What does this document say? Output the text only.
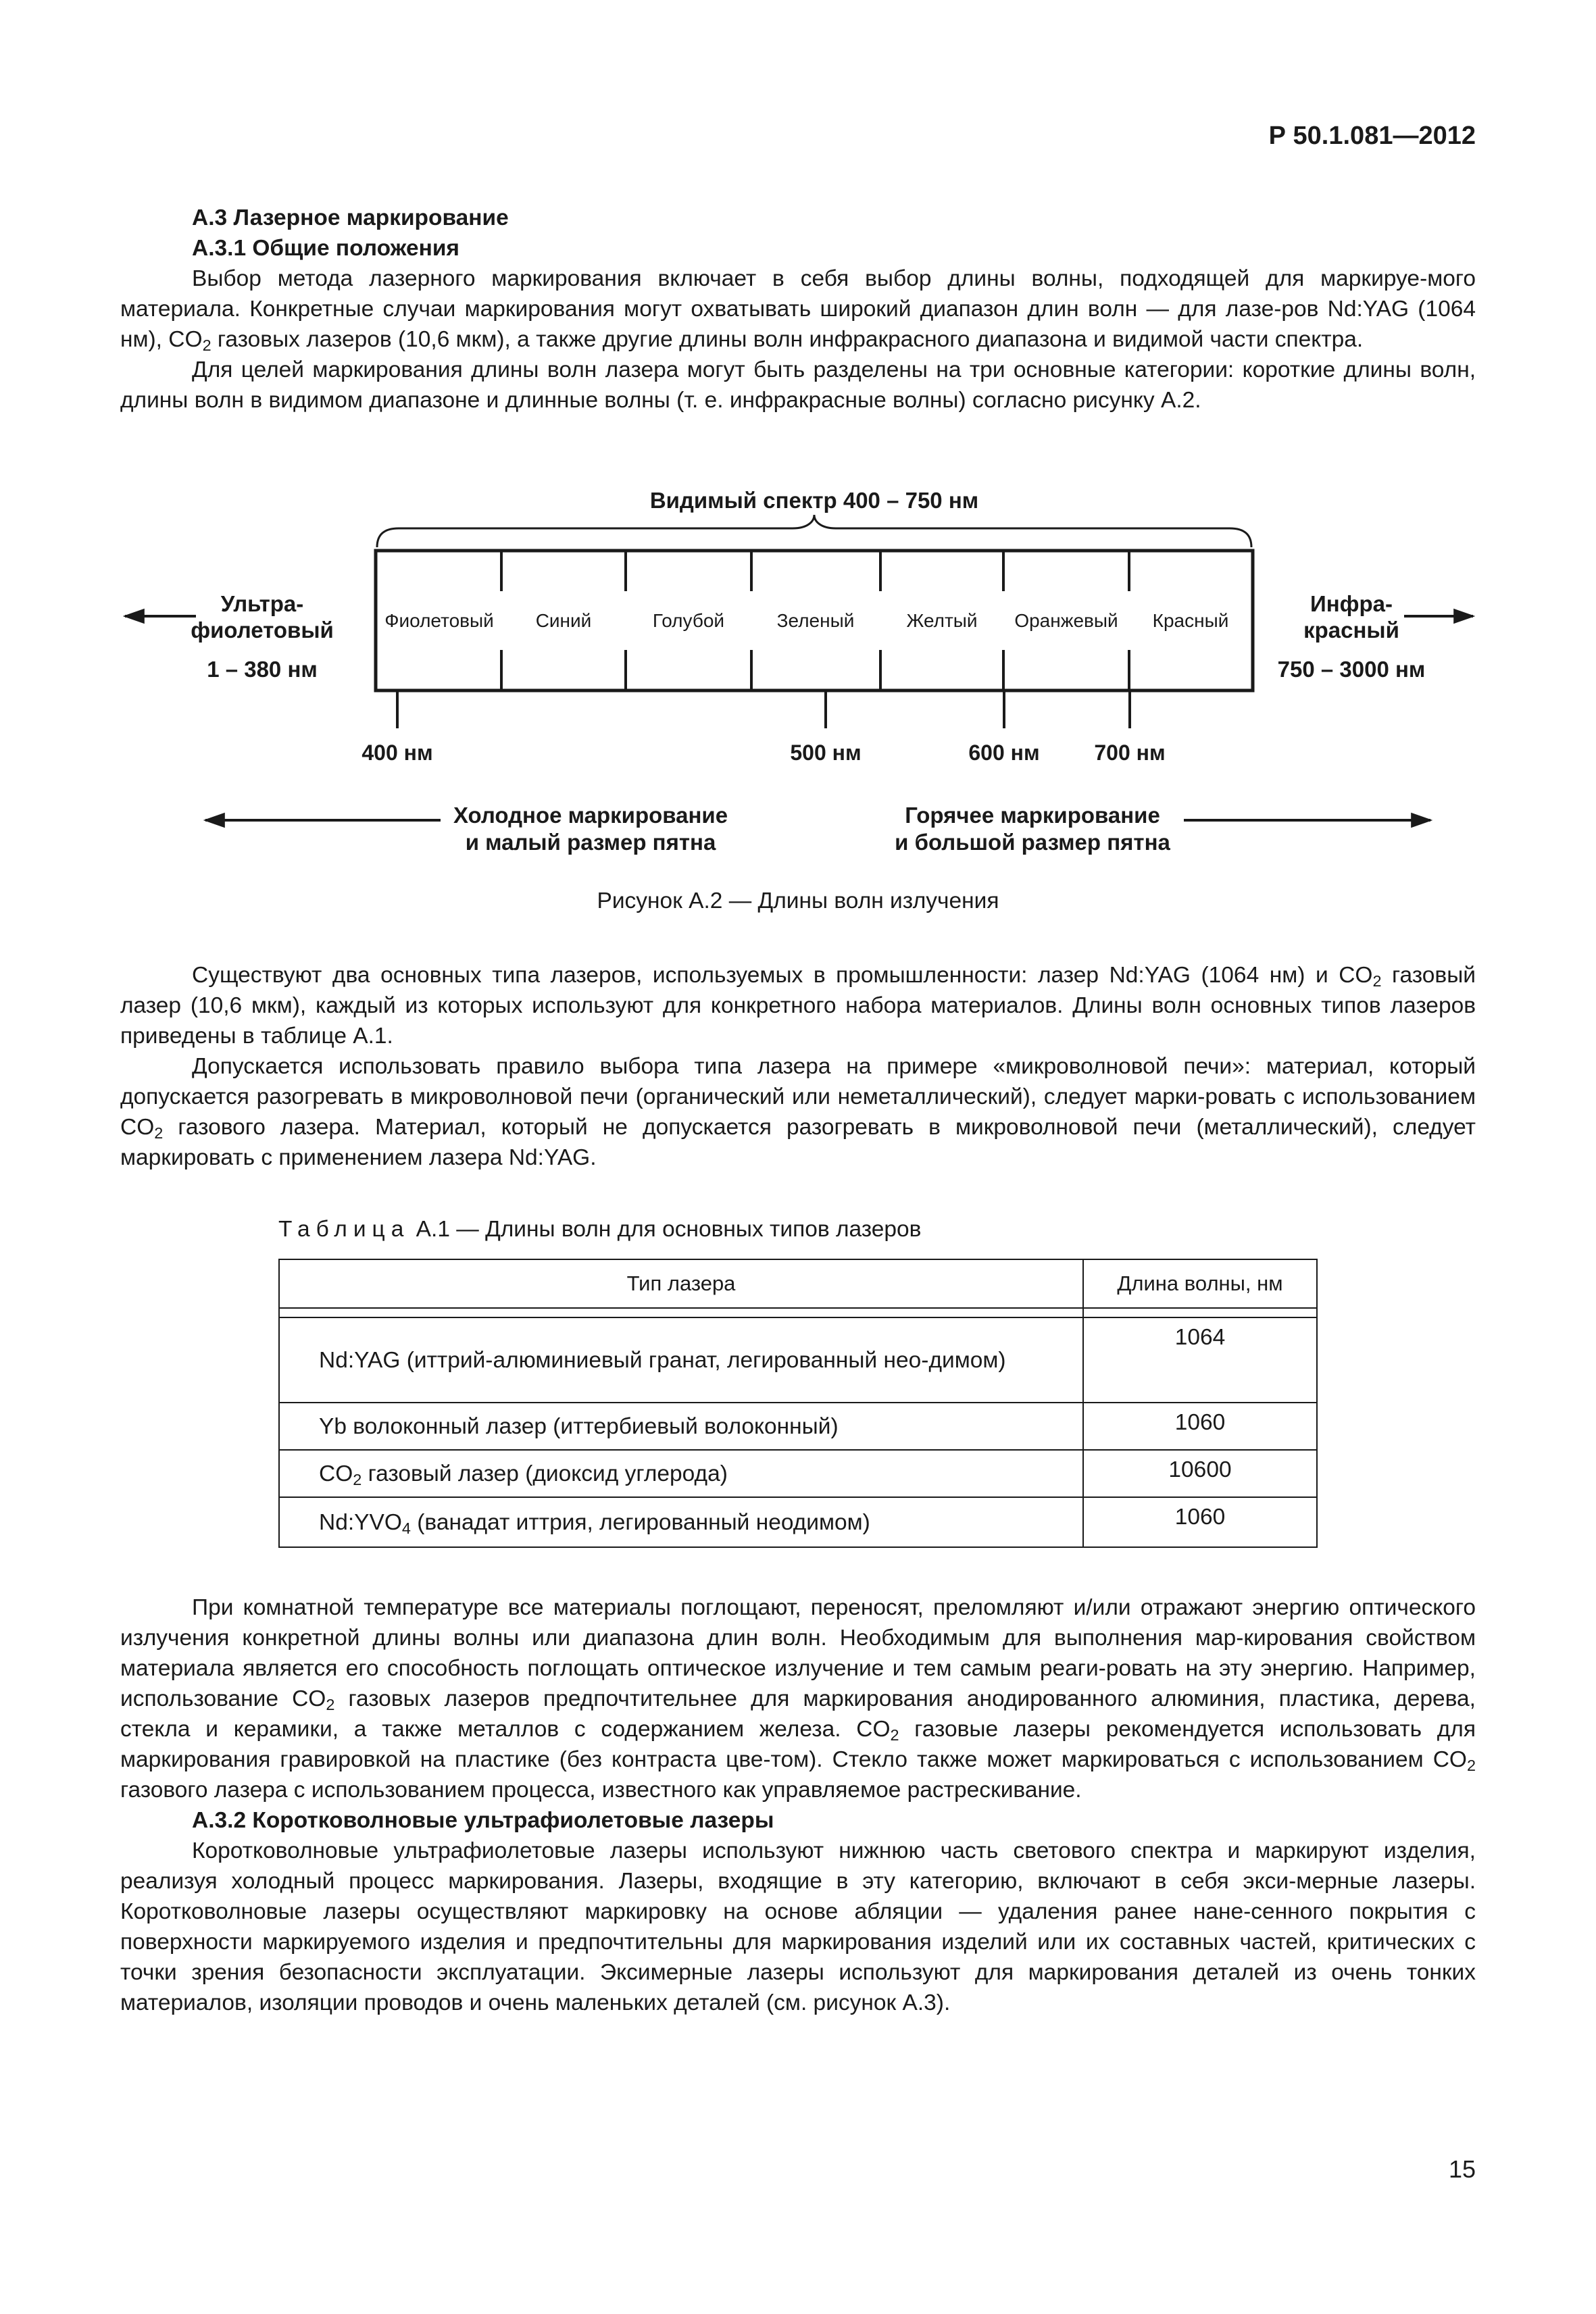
Р 50.1.081—2012

А.3 Лазерное маркирование

А.3.1 Общие положения

Выбор метода лазерного маркирования включает в себя выбор длины волны, подходящей для маркируе-мого материала. Конкретные случаи маркирования могут охватывать широкий диапазон длин волн — для лазе-ров Nd:YAG (1064 нм), $CO_2$ газовых лазеров (10,6 мкм), а также другие длины волн инфракрасного диапазона и видимой части спектра.

Для целей маркирования длины волн лазера могут быть разделены на три основные категории: короткие длины волн, длины волн в видимом диапазоне и длинные волны (т. е. инфракрасные волны) согласно рисунку А.2.

Видимый спектр 400 – 750 нм
Фиолетовый Синий	Голубой	Зеленый	Желтый Оранжевый Красный
Ультра-
фиолетовый
1 – 380 нм
Инфра-
красный
750 – 3000 нм
400 нм	500 нм	600 нм	700 нм
Холодное маркирование
и малый размер пятна
Горячее маркирование
и большой размер пятна
Рисунок А.2 — Длины волн излучения

Существуют два основных типа лазеров, используемых в промышленности: лазер Nd:YAG (1064 нм) и $CO_2$ газовый лазер (10,6 мкм), каждый из которых используют для конкретного набора материалов. Длины волн основных типов лазеров приведены в таблице А.1.

Допускается использовать правило выбора типа лазера на примере «микроволновой печи»: материал, который допускается разогревать в микроволновой печи (органический или неметаллический), следует марки-ровать с использованием $CO_2$ газового лазера. Материал, который не допускается разогревать в микроволновой печи (металлический), следует маркировать с применением лазера Nd:YAG.

Таблица А.1 — Длины волн для основных типов лазеров
Тип лазера	Длина волны, нм

Nd:YAG (иттрий-алюминиевый гранат, легированный нео-димом)	1064

Yb волоконный лазер (иттербиевый волоконный)	1060

$CO_2$ газовый лазер (диоксид углерода)	10600

$Nd:YVO_4$ (ванадат иттрия, легированный неодимом)	1060

При комнатной температуре все материалы поглощают, переносят, преломляют и/или отражают энергию оптического излучения конкретной длины волны или диапазона длин волн. Необходимым для выполнения мар-кирования свойством материала является его способность поглощать оптическое излучение и тем самым реаги-ровать на эту энергию. Например, использование $CO_2$ газовых лазеров предпочтительнее для маркирования анодированного алюминия, пластика, дерева, стекла и керамики, а также металлов с содержанием железа. $CO_2$ газовые лазеры рекомендуется использовать для маркирования гравировкой на пластике (без контраста цве-том). Стекло также может маркироваться с использованием $CO_2$ газового лазера с использованием процесса, известного как управляемое растрескивание.

А.3.2 Коротковолновые ультрафиолетовые лазеры

Коротковолновые ультрафиолетовые лазеры используют нижнюю часть светового спектра и маркируют изделия, реализуя холодный процесс маркирования. Лазеры, входящие в эту категорию, включают в себя экси-мерные лазеры. Коротковолновые лазеры осуществляют маркировку на основе абляции — удаления ранее нане-сенного покрытия с поверхности маркируемого изделия и предпочтительны для маркирования изделий или их составных частей, критических с точки зрения безопасности эксплуатации. Эксимерные лазеры используют для маркирования деталей из очень тонких материалов, изоляции проводов и очень маленьких деталей (см. рисунок А.3).

15
